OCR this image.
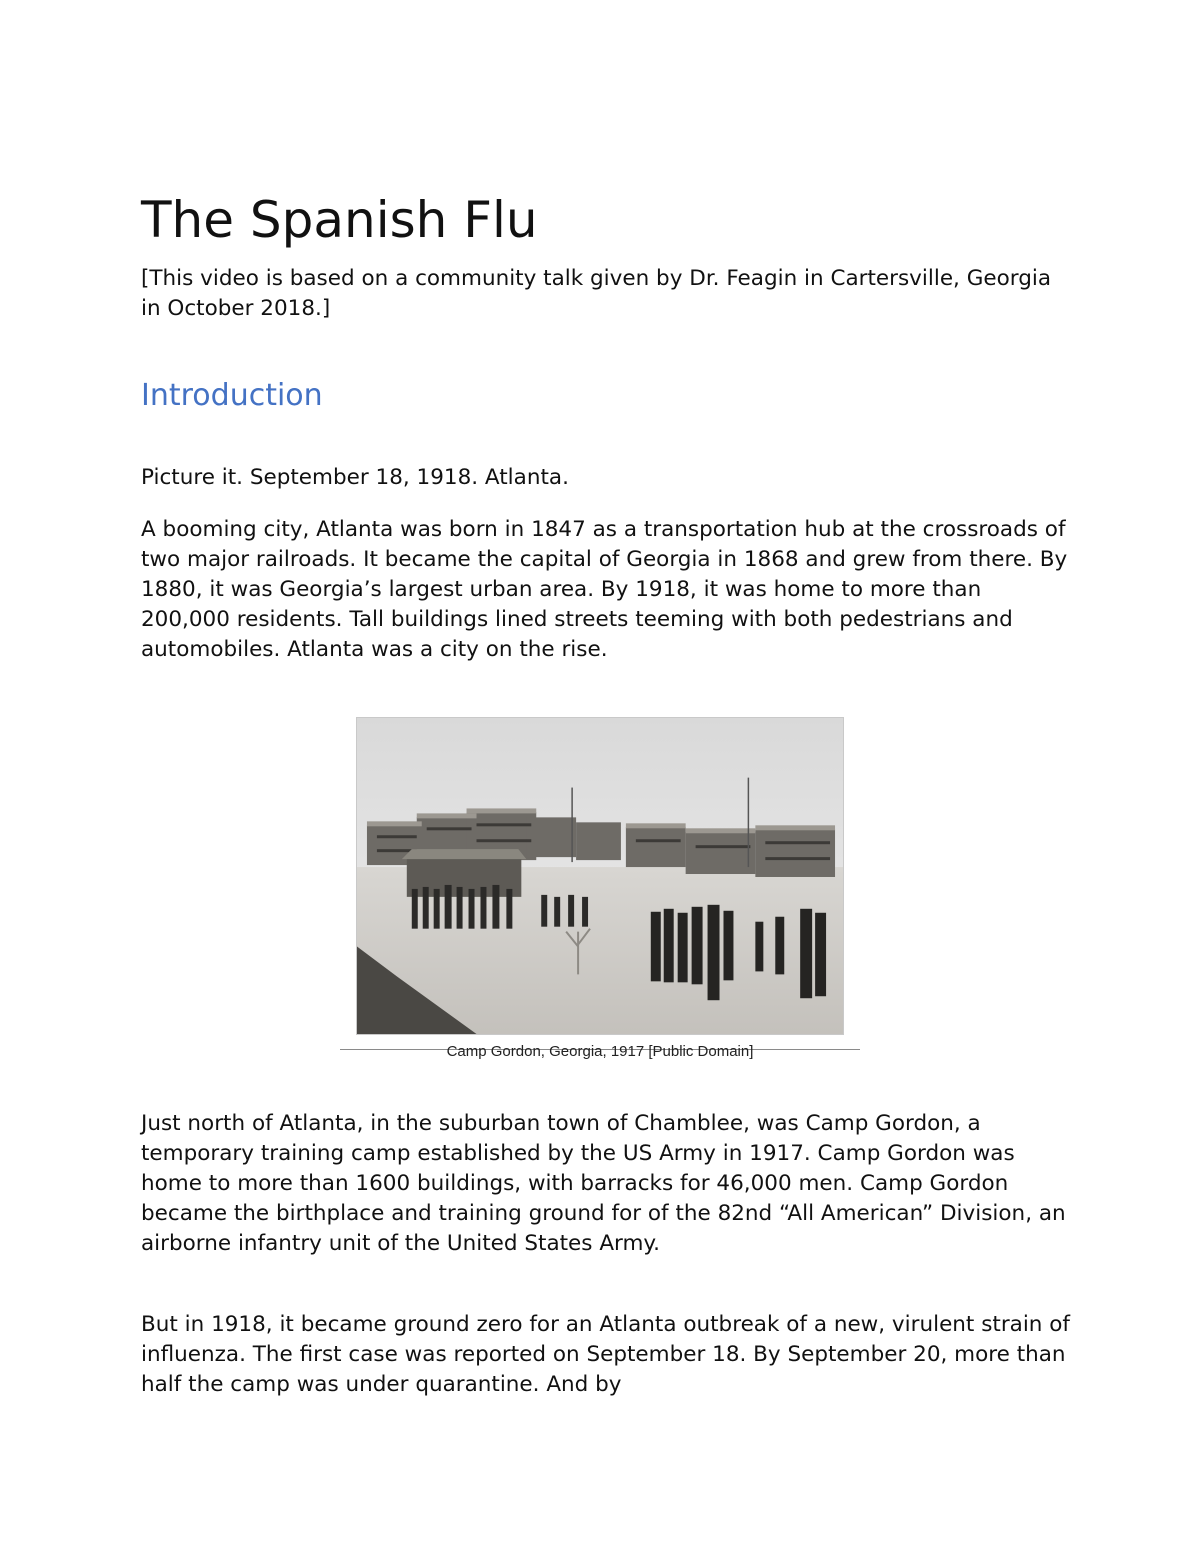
The Spanish Flu

[This video is based on a community talk given by Dr. Feagin in Cartersville, Georgia in October 2018.]

Introduction

Picture it. September 18, 1918. Atlanta.

A booming city, Atlanta was born in 1847 as a transportation hub at the crossroads of two major railroads. It became the capital of Georgia in 1868 and grew from there. By 1880, it was Georgia’s largest urban area. By 1918, it was home to more than 200,000 residents. Tall buildings lined streets teeming with both pedestrians and automobiles. Atlanta was a city on the rise.

Camp Gordon, Georgia, 1917 [Public Domain]

Just north of Atlanta, in the suburban town of Chamblee, was Camp Gordon, a temporary training camp established by the US Army in 1917. Camp Gordon was home to more than 1600 buildings, with barracks for 46,000 men. Camp Gordon became the birthplace and training ground for of the 82nd “All American” Division, an airborne infantry unit of the United States Army.

But in 1918, it became ground zero for an Atlanta outbreak of a new, virulent strain of influenza. The first case was reported on September 18. By September 20, more than half the camp was under quarantine. And by
